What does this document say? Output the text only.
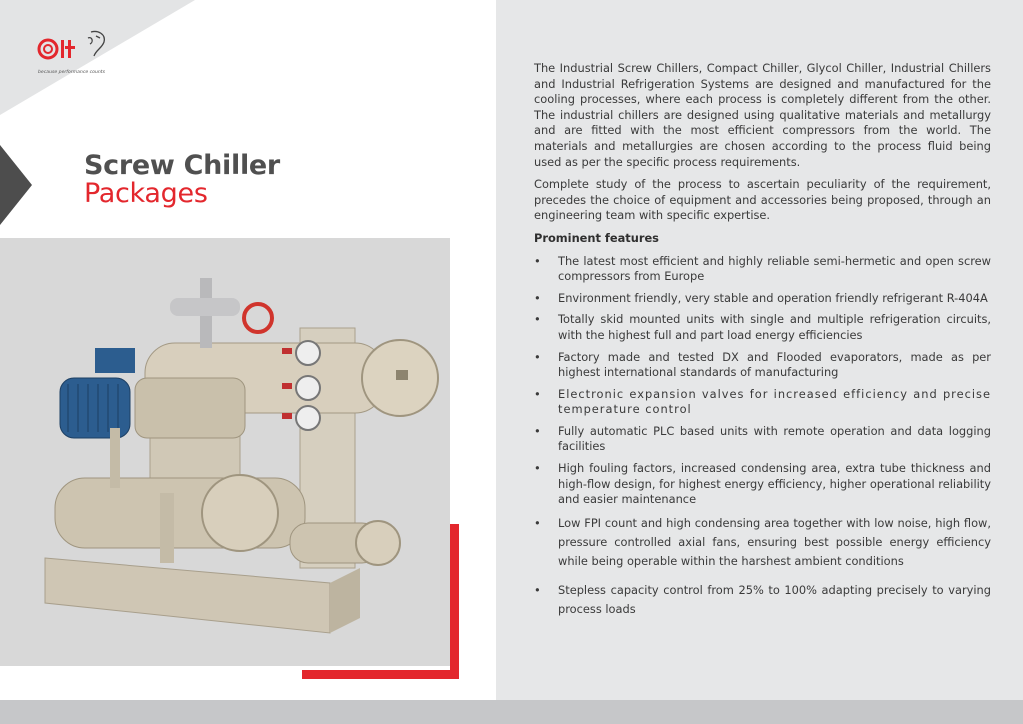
because performance counts
Screw Chiller
Packages

The Industrial Screw Chillers, Compact Chiller, Glycol Chiller, Industrial Chillers and Industrial Refrigeration Systems are designed and manufactured for the cooling processes, where each process is completely different from the other. The industrial chillers are designed using qualitative materials and metallurgy and are fitted with the most efficient compressors from the world. The materials and metallurgies are chosen according to the process fluid being used as per the specific process requirements.

Complete study of the process to ascertain peculiarity of the requirement, precedes the choice of equipment and accessories being proposed, through an engineering team with specific expertise.

Prominent features
• The latest most efficient and highly reliable semi-hermetic and open screw compressors from Europe
• Environment friendly, very stable and operation friendly refrigerant R-404A
• Totally skid mounted units with single and multiple refrigeration circuits, with the highest full and part load energy efficiencies
• Factory made and tested DX and Flooded evaporators, made as per highest international standards of manufacturing
• Electronic expansion valves for increased efficiency and precise temperature control
• Fully automatic PLC based units with remote operation and data logging facilities
• High fouling factors, increased condensing area, extra tube thickness and high-flow design, for highest energy efficiency, higher operational reliability and easier maintenance
• Low FPI count and high condensing area together with low noise, high flow, pressure controlled axial fans, ensuring best possible energy efficiency while being operable within the harshest ambient conditions
• Stepless capacity control from 25% to 100% adapting precisely to varying process loads
